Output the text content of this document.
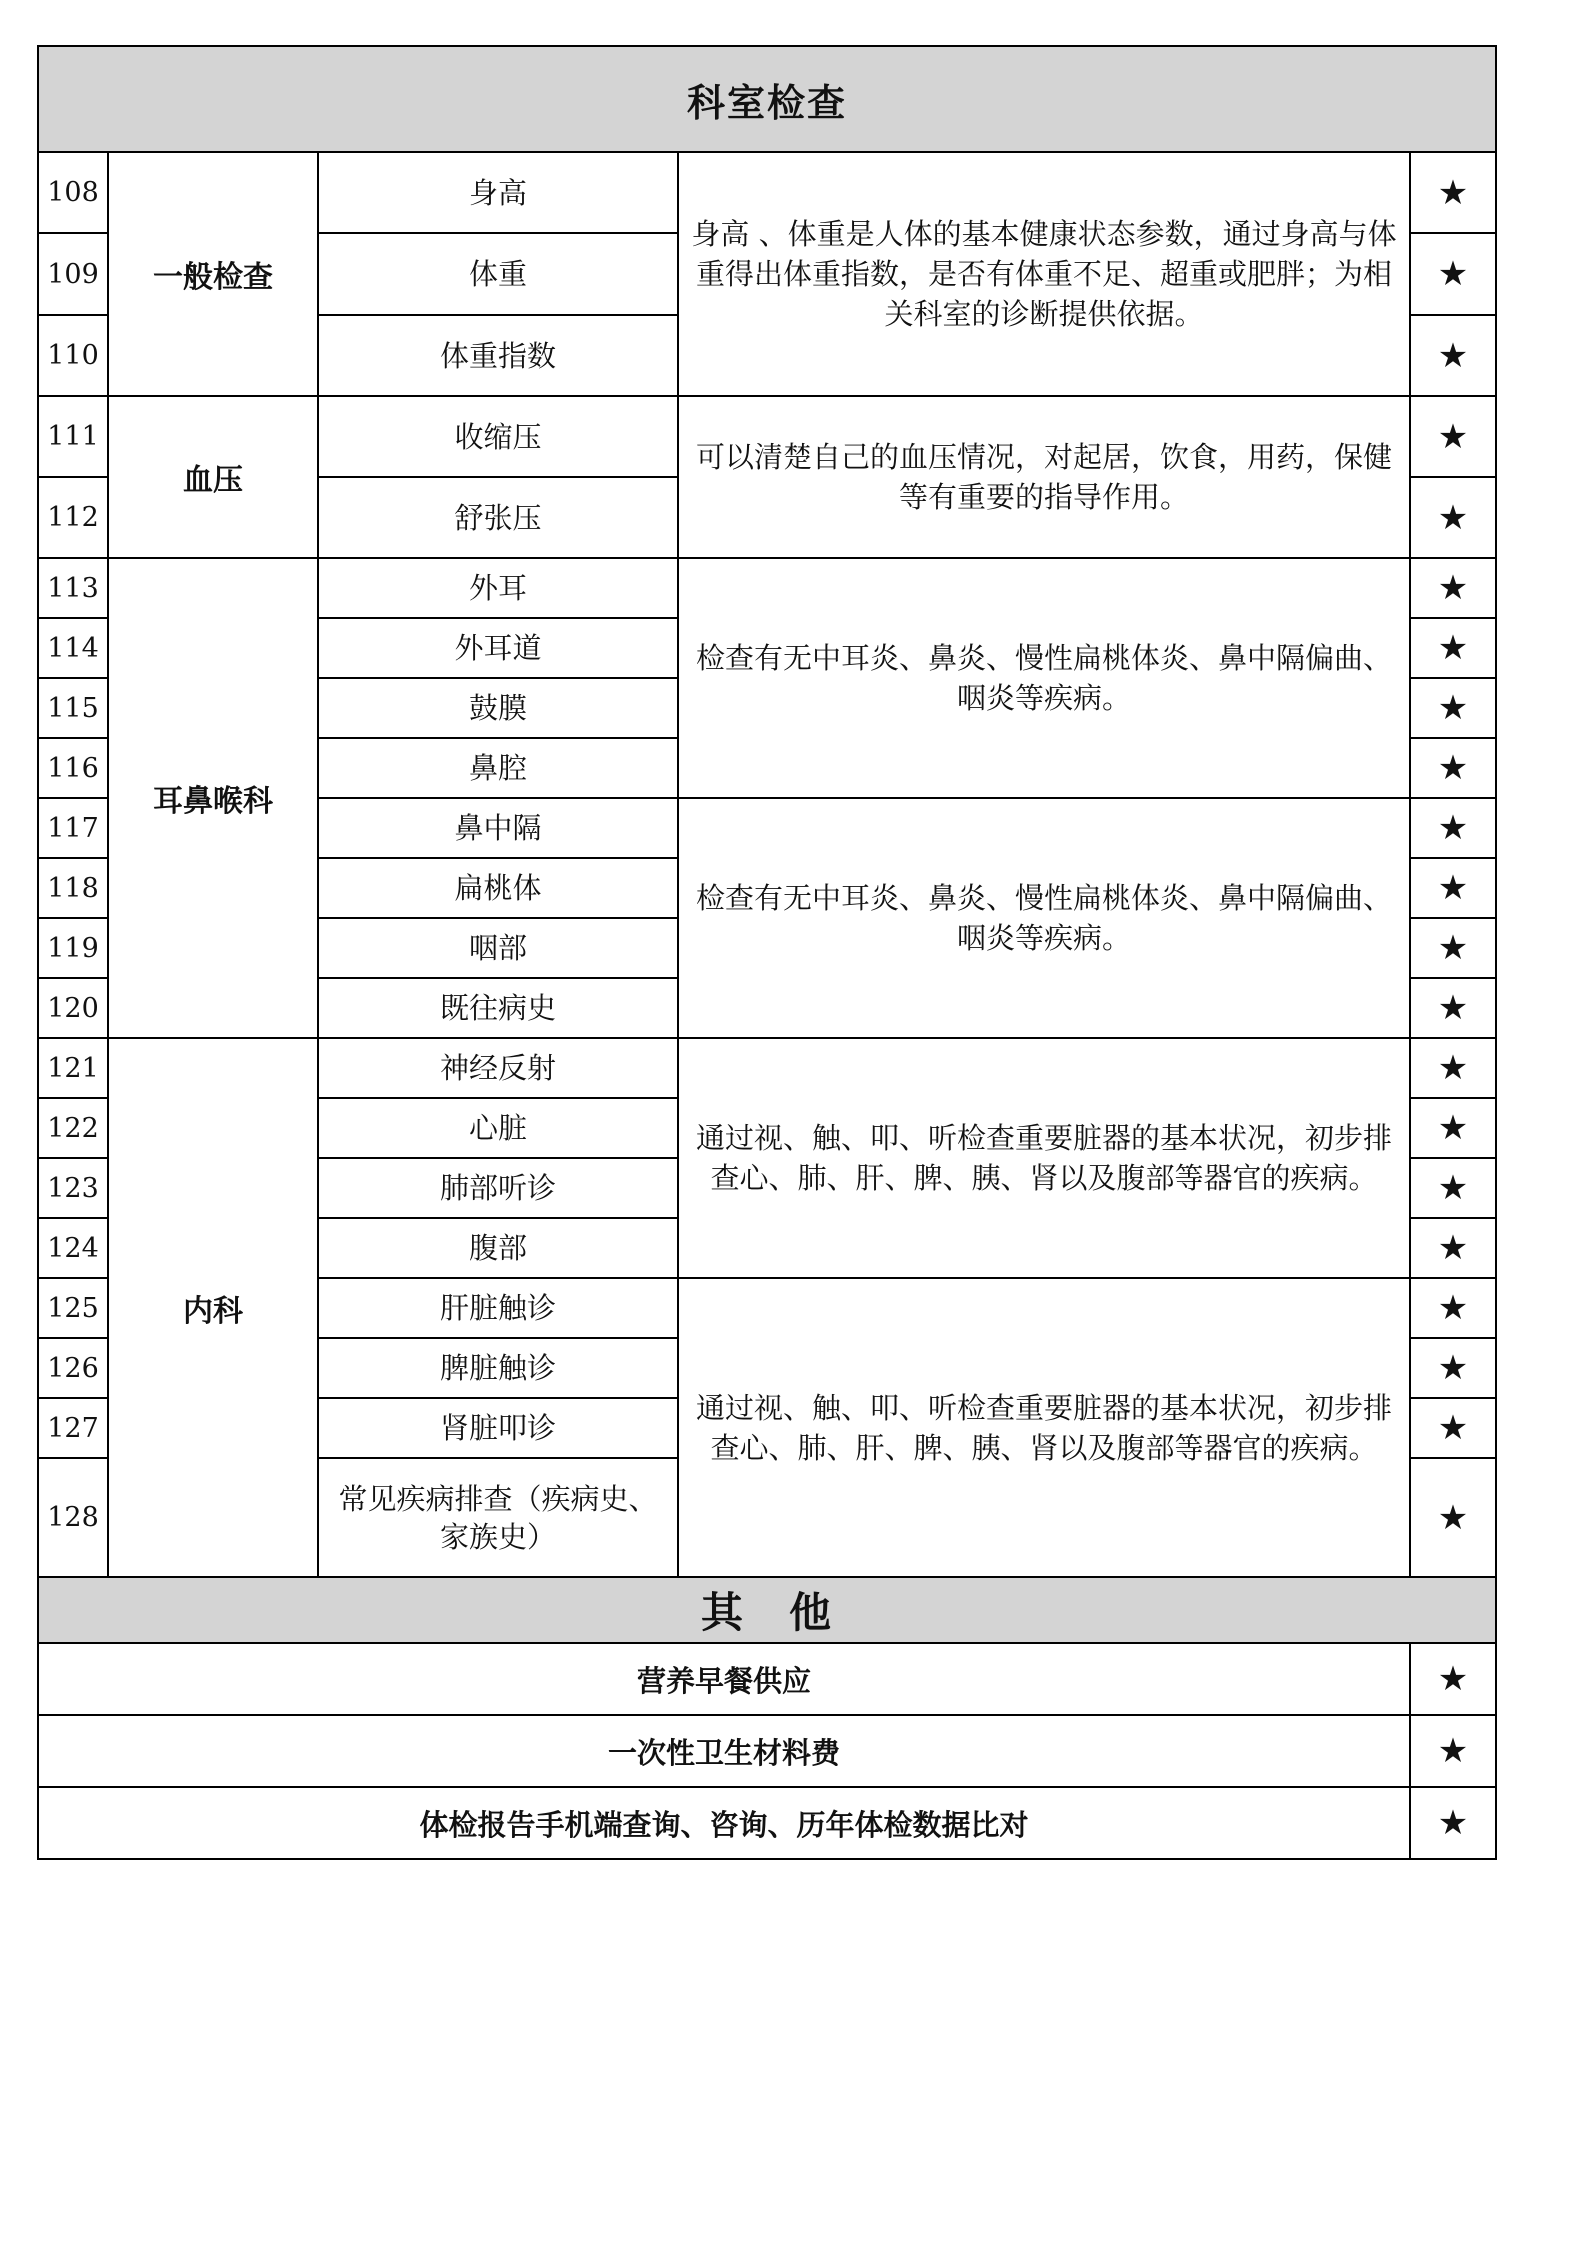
科室检查				
108	一般检查	身高	身高 、体重是人体的基本健康状态参数，通过身高与体重得出体重指数，是否有体重不足、超重或肥胖；为相关科室的诊断提供依据。	★
109		体重		★
110		体重指数		★
111	血压	收缩压	可以清楚自己的血压情况，对起居，饮食，用药，保健等有重要的指导作用。	★
112		舒张压		★
113	耳鼻喉科	外耳	检查有无中耳炎、鼻炎、慢性扁桃体炎、鼻中隔偏曲、咽炎等疾病。	★
114		外耳道		★
115		鼓膜		★
116		鼻腔		★
117		鼻中隔	检查有无中耳炎、鼻炎、慢性扁桃体炎、鼻中隔偏曲、咽炎等疾病。	★
118		扁桃体		★
119		咽部		★
120		既往病史		★
121	内科	神经反射	通过视、触、叩、听检查重要脏器的基本状况，初步排查心、肺、肝、脾、胰、肾以及腹部等器官的疾病。	★
122		心脏		★
123		肺部听诊		★
124		腹部		★
125		肝脏触诊	通过视、触、叩、听检查重要脏器的基本状况，初步排查心、肺、肝、脾、胰、肾以及腹部等器官的疾病。	★
126		脾脏触诊		★
127		肾脏叩诊		★
128		常见疾病排查（疾病史、家族史）		★
其　他				
营养早餐供应				★
一次性卫生材料费				★
体检报告手机端查询、咨询、历年体检数据比对				★
